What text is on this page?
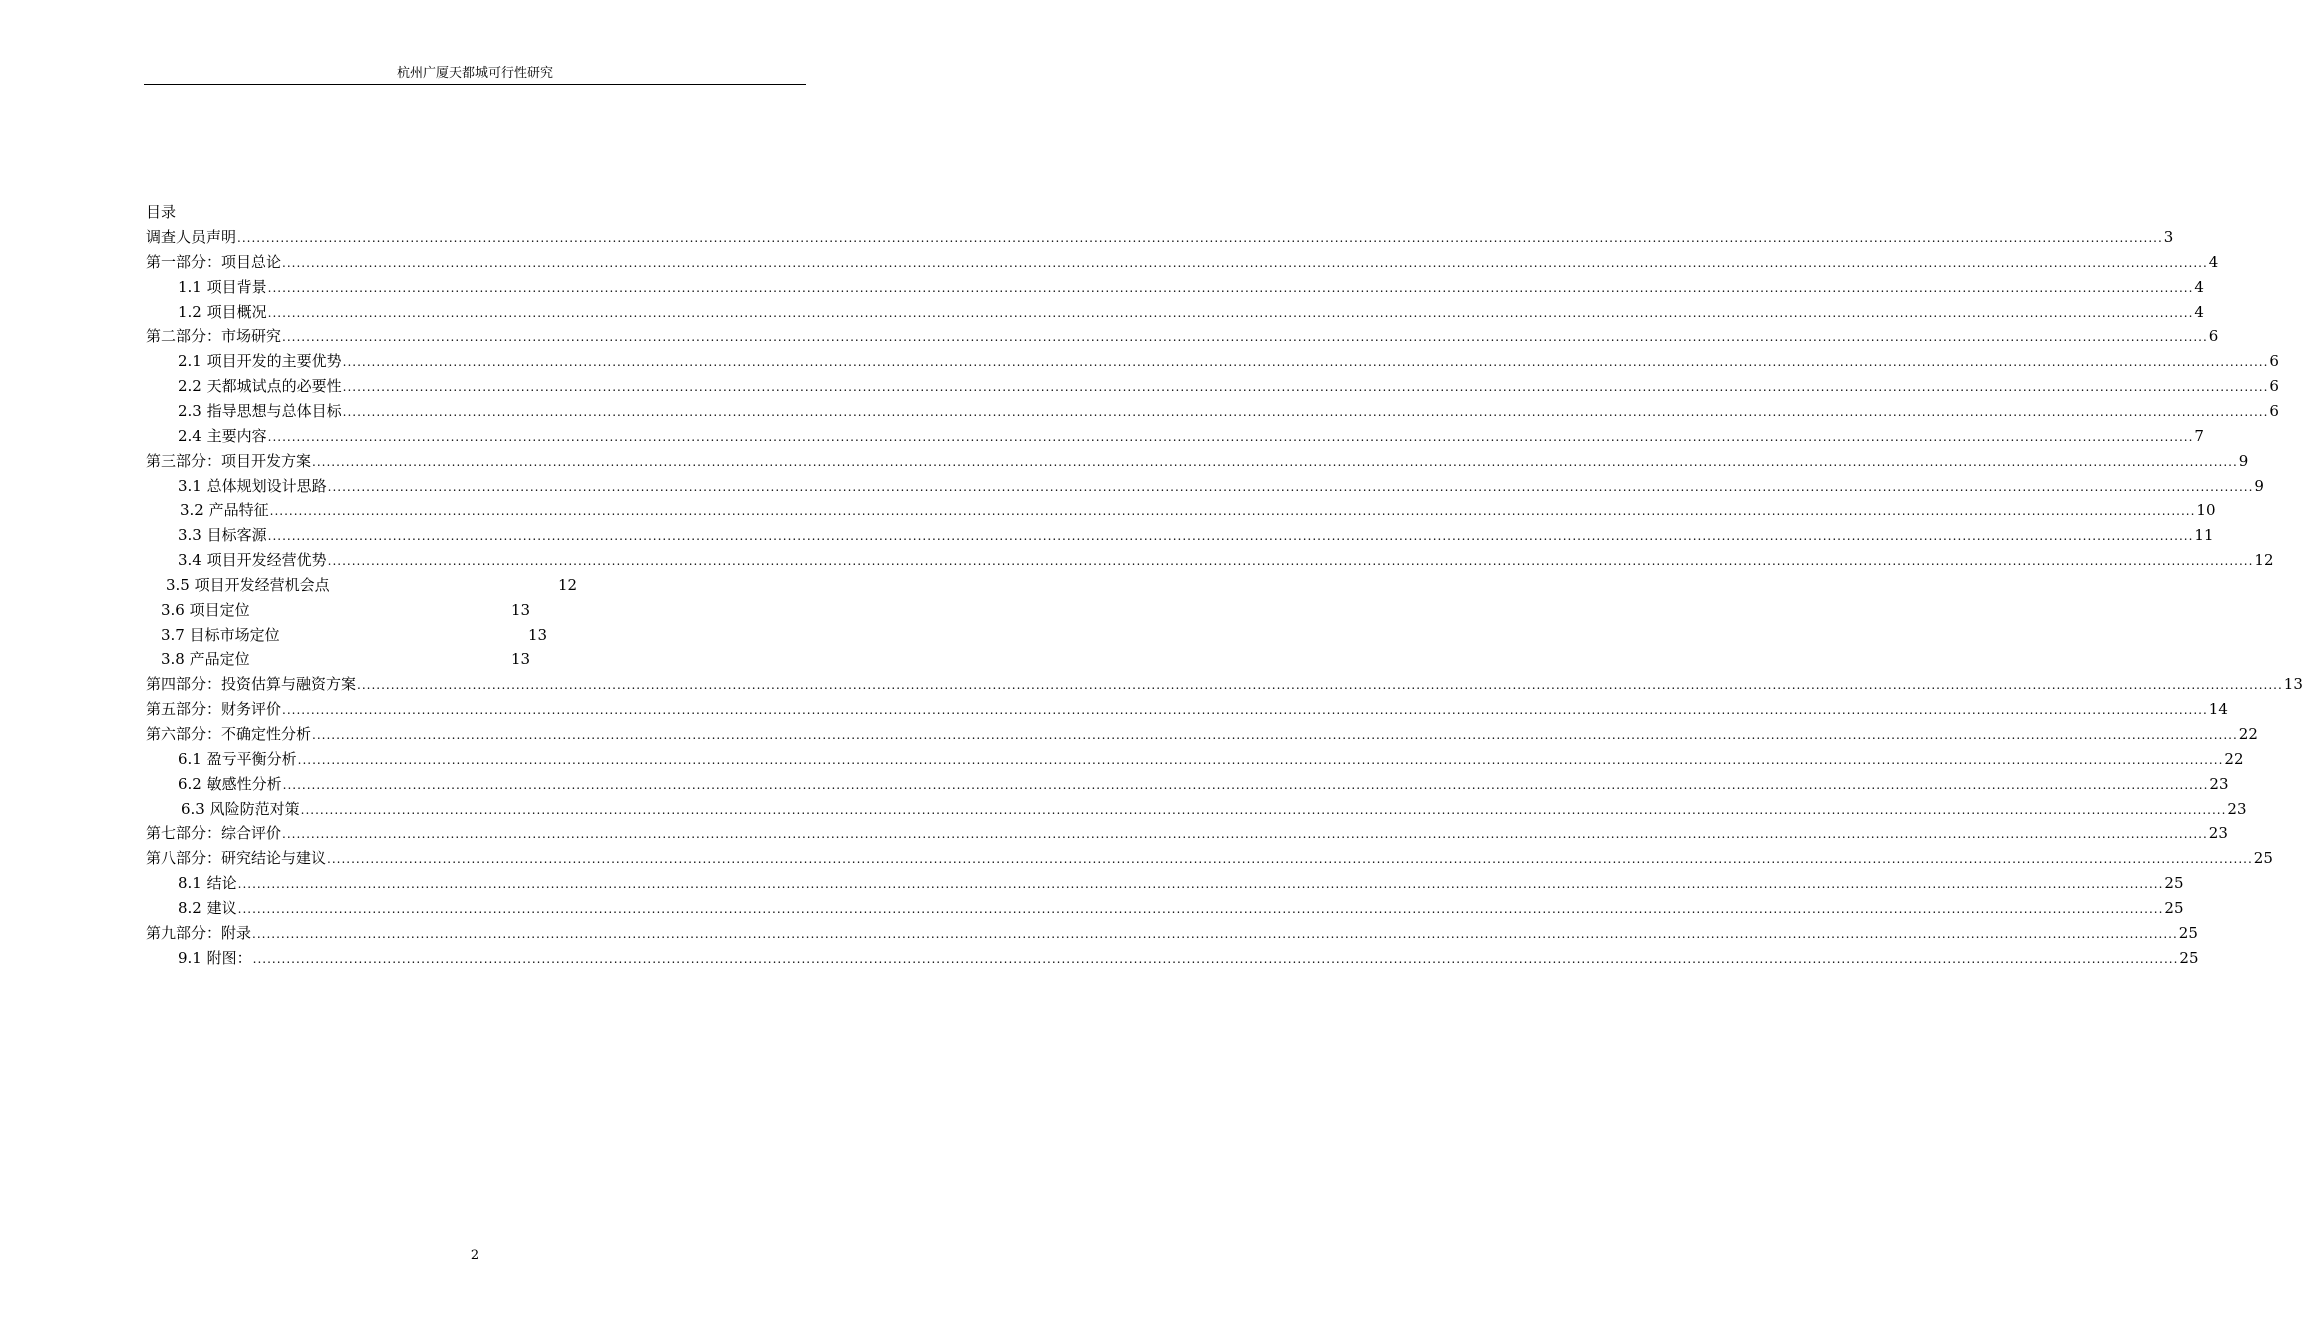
杭州广厦天都城可行性研究
目录
调查人员声明 ................................................................................................................................................................................................................................................................................................................................................................................................................ 3
第一部分：项目总论 ................................................................................................................................................................................................................................................................................................................................................................................................................ 4
1.1 项目背景 ................................................................................................................................................................................................................................................................................................................................................................................................................ 4
1.2 项目概况 ................................................................................................................................................................................................................................................................................................................................................................................................................ 4
第二部分：市场研究 ................................................................................................................................................................................................................................................................................................................................................................................................................ 6
2.1 项目开发的主要优势 ................................................................................................................................................................................................................................................................................................................................................................................................................ 6
2.2 天都城试点的必要性 ................................................................................................................................................................................................................................................................................................................................................................................................................ 6
2.3 指导思想与总体目标 ................................................................................................................................................................................................................................................................................................................................................................................................................ 6
2.4 主要内容 ................................................................................................................................................................................................................................................................................................................................................................................................................ 7
第三部分：项目开发方案 ................................................................................................................................................................................................................................................................................................................................................................................................................ 9
3.1 总体规划设计思路 ................................................................................................................................................................................................................................................................................................................................................................................................................ 9
3.2 产品特征 ................................................................................................................................................................................................................................................................................................................................................................................................................ 10
3.3 目标客源 ................................................................................................................................................................................................................................................................................................................................................................................................................ 11
3.4 项目开发经营优势 ................................................................................................................................................................................................................................................................................................................................................................................................................ 12
3.5 项目开发经营机会点	12
3.6 项目定位	13
3.7 目标市场定位	13
3.8 产品定位	13
第四部分：投资估算与融资方案 ................................................................................................................................................................................................................................................................................................................................................................................................................ 13
第五部分：财务评价 ................................................................................................................................................................................................................................................................................................................................................................................................................ 14
第六部分：不确定性分析 ................................................................................................................................................................................................................................................................................................................................................................................................................ 22
6.1 盈亏平衡分析 ................................................................................................................................................................................................................................................................................................................................................................................................................ 22
6.2 敏感性分析 ................................................................................................................................................................................................................................................................................................................................................................................................................ 23
6.3 风险防范对策 ................................................................................................................................................................................................................................................................................................................................................................................................................ 23
第七部分：综合评价 ................................................................................................................................................................................................................................................................................................................................................................................................................ 23
第八部分：研究结论与建议 ................................................................................................................................................................................................................................................................................................................................................................................................................ 25
8.1 结论 ................................................................................................................................................................................................................................................................................................................................................................................................................ 25
8.2 建议 ................................................................................................................................................................................................................................................................................................................................................................................................................ 25
第九部分：附录 ................................................................................................................................................................................................................................................................................................................................................................................................................ 25
9.1 附图： ................................................................................................................................................................................................................................................................................................................................................................................................................ 25
2
